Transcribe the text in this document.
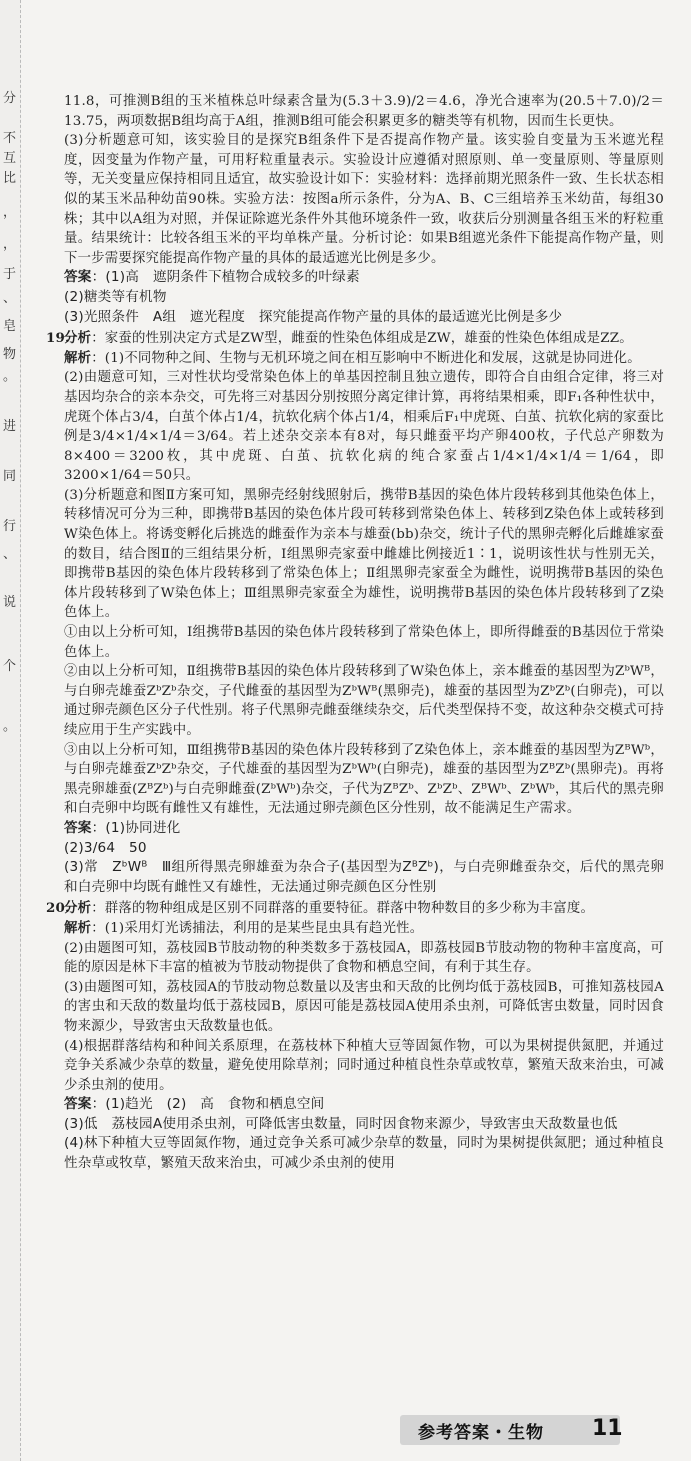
分
不
互
比
，
，
于
、
皂
物
。
进
同
行
、
说
个
。

11.8，可推测B组的玉米植株总叶绿素含量为(5.3＋3.9)/2＝4.6，净光合速率为(20.5＋7.0)/2＝13.75，两项数据B组均高于A组，推测B组可能会积累更多的糖类等有机物，因而生长更快。

(3)分析题意可知，该实验目的是探究B组条件下是否提高作物产量。该实验自变量为玉米遮光程度，因变量为作物产量，可用籽粒重量表示。实验设计应遵循对照原则、单一变量原则、等量原则等，无关变量应保持相同且适宜，故实验设计如下：实验材料：选择前期光照条件一致、生长状态相似的某玉米品种幼苗90株。实验方法：按图a所示条件，分为A、B、C三组培养玉米幼苗，每组30株；其中以A组为对照，并保证除遮光条件外其他环境条件一致，收获后分别测量各组玉米的籽粒重量。结果统计：比较各组玉米的平均单株产量。分析讨论：如果B组遮光条件下能提高作物产量，则下一步需要探究能提高作物产量的具体的最适遮光比例是多少。

答案：(1)高　遮阴条件下植物合成较多的叶绿素

(2)糖类等有机物

(3)光照条件　A组　遮光程度　探究能提高作物产量的具体的最适遮光比例是多少

19.分析：家蚕的性别决定方式是ZW型，雌蚕的性染色体组成是ZW，雄蚕的性染色体组成是ZZ。

解析：(1)不同物种之间、生物与无机环境之间在相互影响中不断进化和发展，这就是协同进化。

(2)由题意可知，三对性状均受常染色体上的单基因控制且独立遗传，即符合自由组合定律，将三对基因均杂合的亲本杂交，可先将三对基因分别按照分离定律计算，再将结果相乘，即F₁各种性状中，虎斑个体占3/4，白茧个体占1/4，抗软化病个体占1/4，相乘后F₁中虎斑、白茧、抗软化病的家蚕比例是3/4×1/4×1/4＝3/64。若上述杂交亲本有8对，每只雌蚕平均产卵400枚，子代总产卵数为8×400＝3200枚，其中虎斑、白茧、抗软化病的纯合家蚕占1/4×1/4×1/4＝1/64，即3200×1/64＝50只。

(3)分析题意和图Ⅱ方案可知，黑卵壳经射线照射后，携带B基因的染色体片段转移到其他染色体上，转移情况可分为三种，即携带B基因的染色体片段可转移到常染色体上、转移到Z染色体上或转移到W染色体上。将诱变孵化后挑选的雌蚕作为亲本与雄蚕(bb)杂交，统计子代的黑卵壳孵化后雌雄家蚕的数目，结合图Ⅱ的三组结果分析，Ⅰ组黑卵壳家蚕中雌雄比例接近1∶1，说明该性状与性别无关，即携带B基因的染色体片段转移到了常染色体上；Ⅱ组黑卵壳家蚕全为雌性，说明携带B基因的染色体片段转移到了W染色体上；Ⅲ组黑卵壳家蚕全为雄性，说明携带B基因的染色体片段转移到了Z染色体上。

①由以上分析可知，Ⅰ组携带B基因的染色体片段转移到了常染色体上，即所得雌蚕的B基因位于常染色体上。

②由以上分析可知，Ⅱ组携带B基因的染色体片段转移到了W染色体上，亲本雌蚕的基因型为ZᵇWᴮ，与白卵壳雄蚕ZᵇZᵇ杂交，子代雌蚕的基因型为ZᵇWᴮ(黑卵壳)，雄蚕的基因型为ZᵇZᵇ(白卵壳)，可以通过卵壳颜色区分子代性别。将子代黑卵壳雌蚕继续杂交，后代类型保持不变，故这种杂交模式可持续应用于生产实践中。

③由以上分析可知，Ⅲ组携带B基因的染色体片段转移到了Z染色体上，亲本雌蚕的基因型为ZᴮWᵇ，与白卵壳雄蚕ZᵇZᵇ杂交，子代雄蚕的基因型为ZᵇWᵇ(白卵壳)，雄蚕的基因型为ZᴮZᵇ(黑卵壳)。再将黑壳卵雄蚕(ZᴮZᵇ)与白壳卵雌蚕(ZᵇWᵇ)杂交，子代为ZᴮZᵇ、ZᵇZᵇ、ZᴮWᵇ、ZᵇWᵇ，其后代的黑壳卵和白壳卵中均既有雌性又有雄性，无法通过卵壳颜色区分性别，故不能满足生产需求。

答案：(1)协同进化

(2)3/64　50

(3)常　ZᵇWᴮ　Ⅲ组所得黑壳卵雄蚕为杂合子(基因型为ZᴮZᵇ)，与白壳卵雌蚕杂交，后代的黑壳卵和白壳卵中均既有雌性又有雄性，无法通过卵壳颜色区分性别

20.分析：群落的物种组成是区别不同群落的重要特征。群落中物种数目的多少称为丰富度。

解析：(1)采用灯光诱捕法，利用的是某些昆虫具有趋光性。

(2)由题图可知，荔枝园B节肢动物的种类数多于荔枝园A，即荔枝园B节肢动物的物种丰富度高，可能的原因是林下丰富的植被为节肢动物提供了食物和栖息空间，有利于其生存。

(3)由题图可知，荔枝园A的节肢动物总数量以及害虫和天敌的比例均低于荔枝园B，可推知荔枝园A的害虫和天敌的数量均低于荔枝园B，原因可能是荔枝园A使用杀虫剂，可降低害虫数量，同时因食物来源少，导致害虫天敌数量也低。

(4)根据群落结构和种间关系原理，在荔枝林下种植大豆等固氮作物，可以为果树提供氮肥，并通过竞争关系减少杂草的数量，避免使用除草剂；同时通过种植良性杂草或牧草，繁殖天敌来治虫，可减少杀虫剂的使用。

答案：(1)趋光　(2)　高　食物和栖息空间

(3)低　荔枝园A使用杀虫剂，可降低害虫数量，同时因食物来源少，导致害虫天敌数量也低

(4)林下种植大豆等固氮作物，通过竞争关系可减少杂草的数量，同时为果树提供氮肥；通过种植良性杂草或牧草，繁殖天敌来治虫，可减少杀虫剂的使用

参考答案・生物 11
